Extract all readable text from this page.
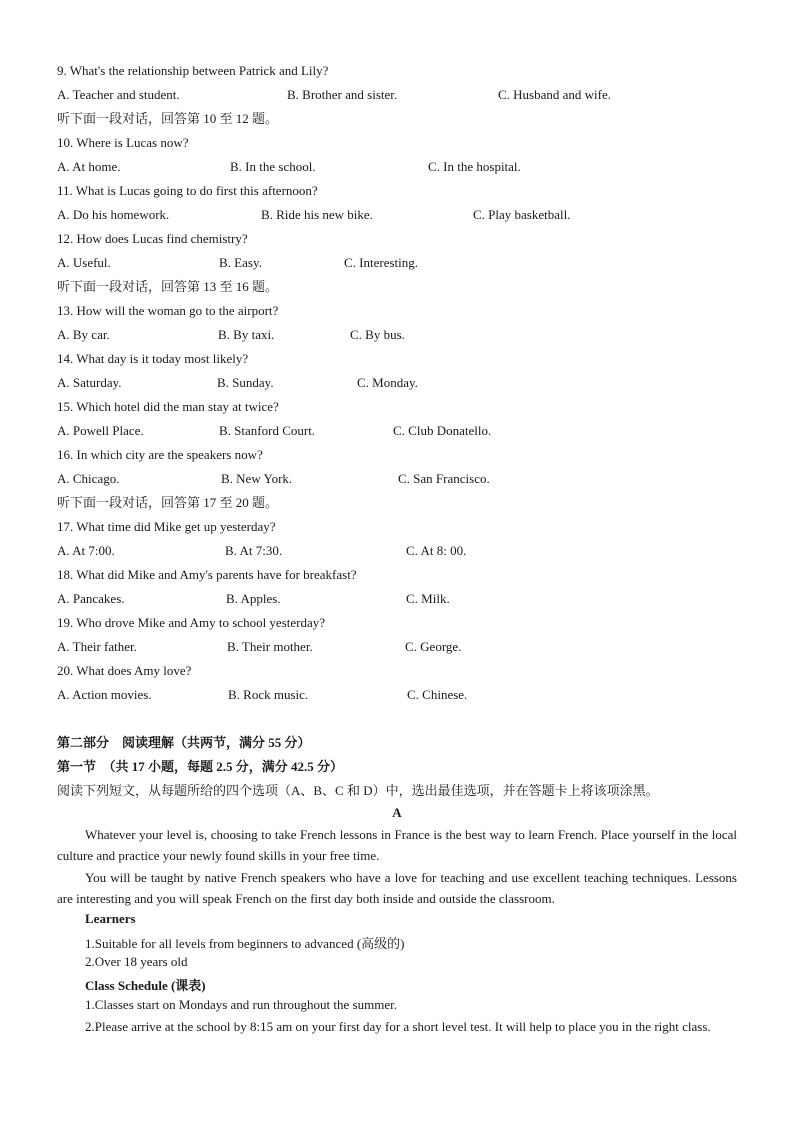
9. What's the relationship between Patrick and Lily?
A. Teacher and student.	B. Brother and sister.	C. Husband and wife.
听下面一段对话，回答第 10 至 12 题。
10. Where is Lucas now?
A. At home.	B. In the school.	C. In the hospital.
11. What is Lucas going to do first this afternoon?
A. Do his homework.	B. Ride his new bike.	C. Play basketball.
12. How does Lucas find chemistry?
A. Useful.	B. Easy.	C. Interesting.
听下面一段对话，回答第 13 至 16 题。
13. How will the woman go to the airport?
A. By car.	B. By taxi.	C. By bus.
14. What day is it today most likely?
A. Saturday.	B. Sunday.	C. Monday.
15. Which hotel did the man stay at twice?
A. Powell Place.	B. Stanford Court.	C. Club Donatello.
16. In which city are the speakers now?
A. Chicago.	B. New York.	C. San Francisco.
听下面一段对话，回答第 17 至 20 题。
17. What time did Mike get up yesterday?
A. At 7:00.	B. At 7:30.	C. At 8: 00.
18. What did Mike and Amy's parents have for breakfast?
A. Pancakes.	B. Apples.	C. Milk.
19. Who drove Mike and Amy to school yesterday?
A. Their father.	B. Their mother.	C. George.
20. What does Amy love?
A. Action movies.	B. Rock music.	C. Chinese.
第二部分　阅读理解（共两节，满分 55 分）
第一节　（共 17 小题，每题 2.5 分，满分 42.5 分）
阅读下列短文，从每题所给的四个选项（A、B、C 和 D）中，选出最佳选项，并在答题卡上将该项涂黑。
A

Whatever your level is, choosing to take French lessons in France is the best way to learn French. Place yourself in the local culture and practice your newly found skills in your free time.

You will be taught by native French speakers who have a love for teaching and use excellent teaching techniques. Lessons are interesting and you will speak French on the first day both inside and outside the classroom.

Learners
1.Suitable for all levels from beginners to advanced (高级的)
2.Over 18 years old
Class Schedule (课表)
1.Classes start on Mondays and run throughout the summer.

2.Please arrive at the school by 8:15 am on your first day for a short level test. It will help to place you in the right class.
